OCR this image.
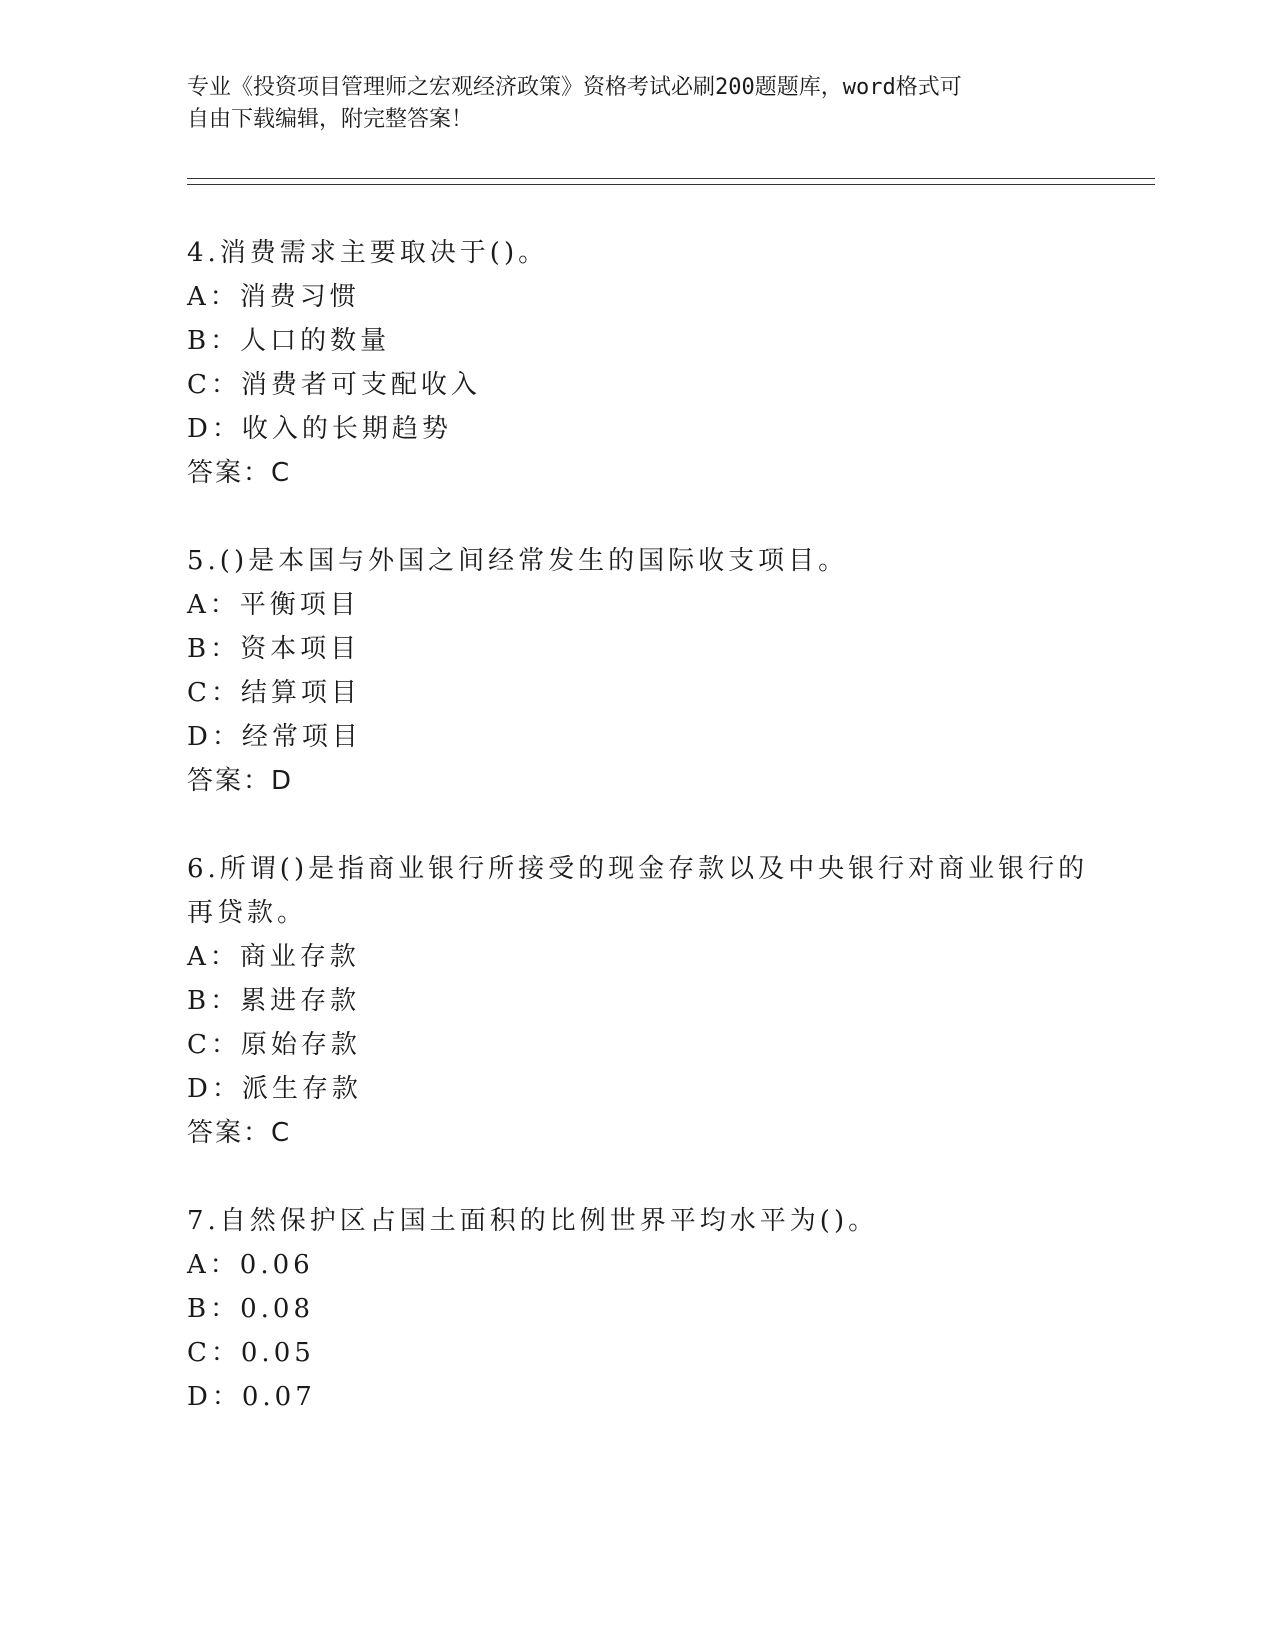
专业《投资项目管理师之宏观经济政策》资格考试必刷200题题库，word格式可
自由下载编辑，附完整答案！
4.消费需求主要取决于()。
A：消费习惯
B：人口的数量
C：消费者可支配收入
D：收入的长期趋势
答案：C
5.()是本国与外国之间经常发生的国际收支项目。
A：平衡项目
B：资本项目
C：结算项目
D：经常项目
答案：D
6.所谓()是指商业银行所接受的现金存款以及中央银行对商业银行的
再贷款。
A：商业存款
B：累进存款
C：原始存款
D：派生存款
答案：C
7.自然保护区占国土面积的比例世界平均水平为()。
A：0.06
B：0.08
C：0.05
D：0.07
